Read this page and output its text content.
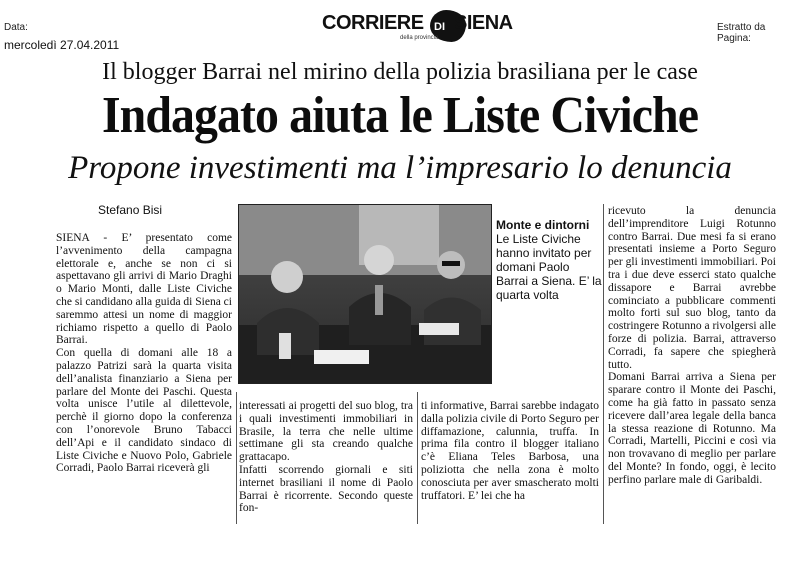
Data:
mercoledì 27.04.2011
Estratto da Pagina:
CORRIERE DI SIENA
della provincia
Il blogger Barrai nel mirino della polizia brasiliana per le case
Indagato aiuta le Liste Civiche
Propone investimenti ma l’impresario lo denuncia
Stefano Bisi
Monte e dintorni Le Liste Civiche hanno invitato per domani Paolo Barrai a Siena. E’ la quarta volta
SIENA - E’ presentato come l’avvenimento della campagna elettorale e, anche se non ci si aspettavano gli arrivi di Mario Draghi o Mario Monti, dalle Liste Civiche che si candidano alla guida di Siena ci saremmo attesi un nome di maggior richiamo rispetto a quello di Paolo Barrai.
Con quella di domani alle 18 a palazzo Patrizi sarà la quarta visita dell’analista finanziario a Siena per parlare del Monte dei Paschi. Questa volta unisce l’utile al dilettevole, perchè il giorno dopo la conferenza con l’onorevole Bruno Tabacci dell’Api e il candidato sindaco di Liste Civiche e Nuovo Polo, Gabriele Corradi, Paolo Barrai riceverà gli
interessati ai progetti del suo blog, tra i quali investimenti immobiliari in Brasile, la terra che nelle ultime settimane gli sta creando qualche grattacapo.
Infatti scorrendo giornali e siti internet brasiliani il nome di Paolo Barrai è ricorrente. Secondo queste fon-
ti informative, Barrai sarebbe indagato dalla polizia civile di Porto Seguro per diffamazione, calunnia, truffa. In prima fila contro il blogger italiano c’è Eliana Teles Barbosa, una poliziotta che nella zona è molto conosciuta per aver smascherato molti truffatori. E’ lei che ha
ricevuto la denuncia dell’imprenditore Luigi Rotunno contro Barrai. Due mesi fa si erano presentati insieme a Porto Seguro per gli investimenti immobiliari. Poi tra i due deve esserci stato qualche dissapore e Barrai avrebbe cominciato a pubblicare commenti molto forti sul suo blog, tanto da costringere Rotunno a rivolgersi alle forze di polizia. Barrai, attraverso Corradi, fa sapere che spiegherà tutto.
Domani Barrai arriva a Siena per sparare contro il Monte dei Paschi, come ha già fatto in passato senza ricevere dall’area legale della banca la stessa reazione di Rotunno. Ma Corradi, Martelli, Piccini e così via non trovavano di meglio per parlare del Monte? In fondo, oggi, è lecito perfino parlare male di Garibaldi.
